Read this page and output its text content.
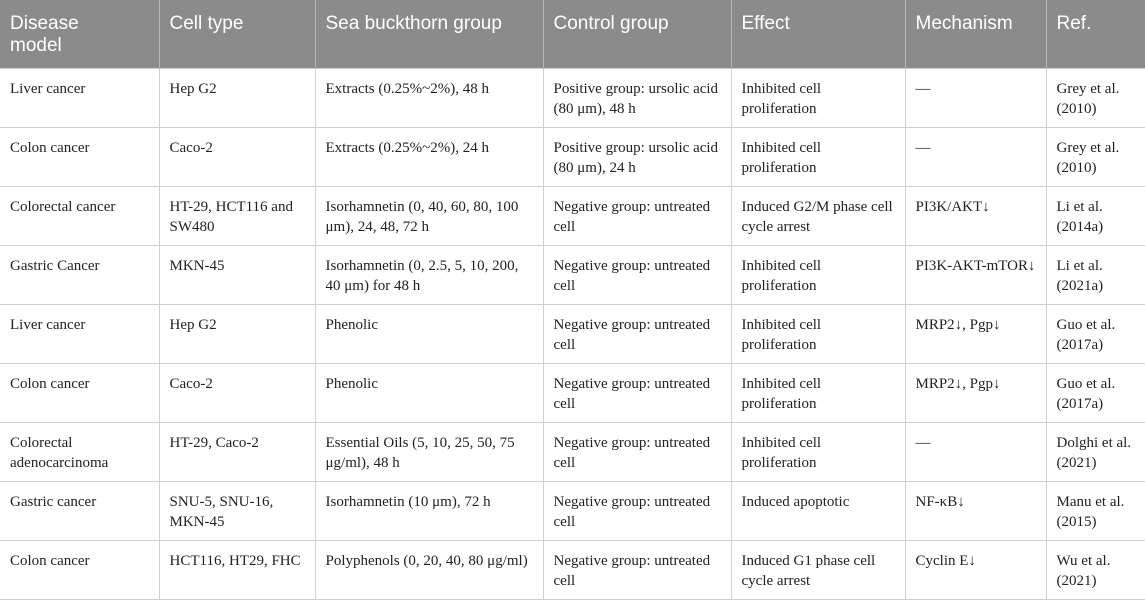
Disease model	Cell type	Sea buckthorn group	Control group	Effect	Mechanism	Ref.
Liver cancer	Hep G2	Extracts (0.25%~2%), 48 h	Positive group: ursolic acid (80 μm), 48 h	Inhibited cell proliferation	—	Grey et al. (2010)
Colon cancer	Caco-2	Extracts (0.25%~2%), 24 h	Positive group: ursolic acid (80 μm), 24 h	Inhibited cell proliferation	—	Grey et al. (2010)
Colorectal cancer	HT-29, HCT116 and SW480	Isorhamnetin (0, 40, 60, 80, 100 μm), 24, 48, 72 h	Negative group: untreated cell	Induced G2/M phase cell cycle arrest	PI3K/AKT↓	Li et al. (2014a)
Gastric Cancer	MKN-45	Isorhamnetin (0, 2.5, 5, 10, 200, 40 μm) for 48 h	Negative group: untreated cell	Inhibited cell proliferation	PI3K-AKT-mTOR↓	Li et al. (2021a)
Liver cancer	Hep G2	Phenolic	Negative group: untreated cell	Inhibited cell proliferation	MRP2↓, Pgp↓	Guo et al. (2017a)
Colon cancer	Caco-2	Phenolic	Negative group: untreated cell	Inhibited cell proliferation	MRP2↓, Pgp↓	Guo et al. (2017a)
Colorectal adenocarcinoma	HT-29, Caco-2	Essential Oils (5, 10, 25, 50, 75 μg/ml), 48 h	Negative group: untreated cell	Inhibited cell proliferation	—	Dolghi et al. (2021)
Gastric cancer	SNU-5, SNU-16, MKN-45	Isorhamnetin (10 μm), 72 h	Negative group: untreated cell	Induced apoptotic	NF-κB↓	Manu et al. (2015)
Colon cancer	HCT116, HT29, FHC	Polyphenols (0, 20, 40, 80 μg/ml)	Negative group: untreated cell	Induced G1 phase cell cycle arrest	Cyclin E↓	Wu et al. (2021)
